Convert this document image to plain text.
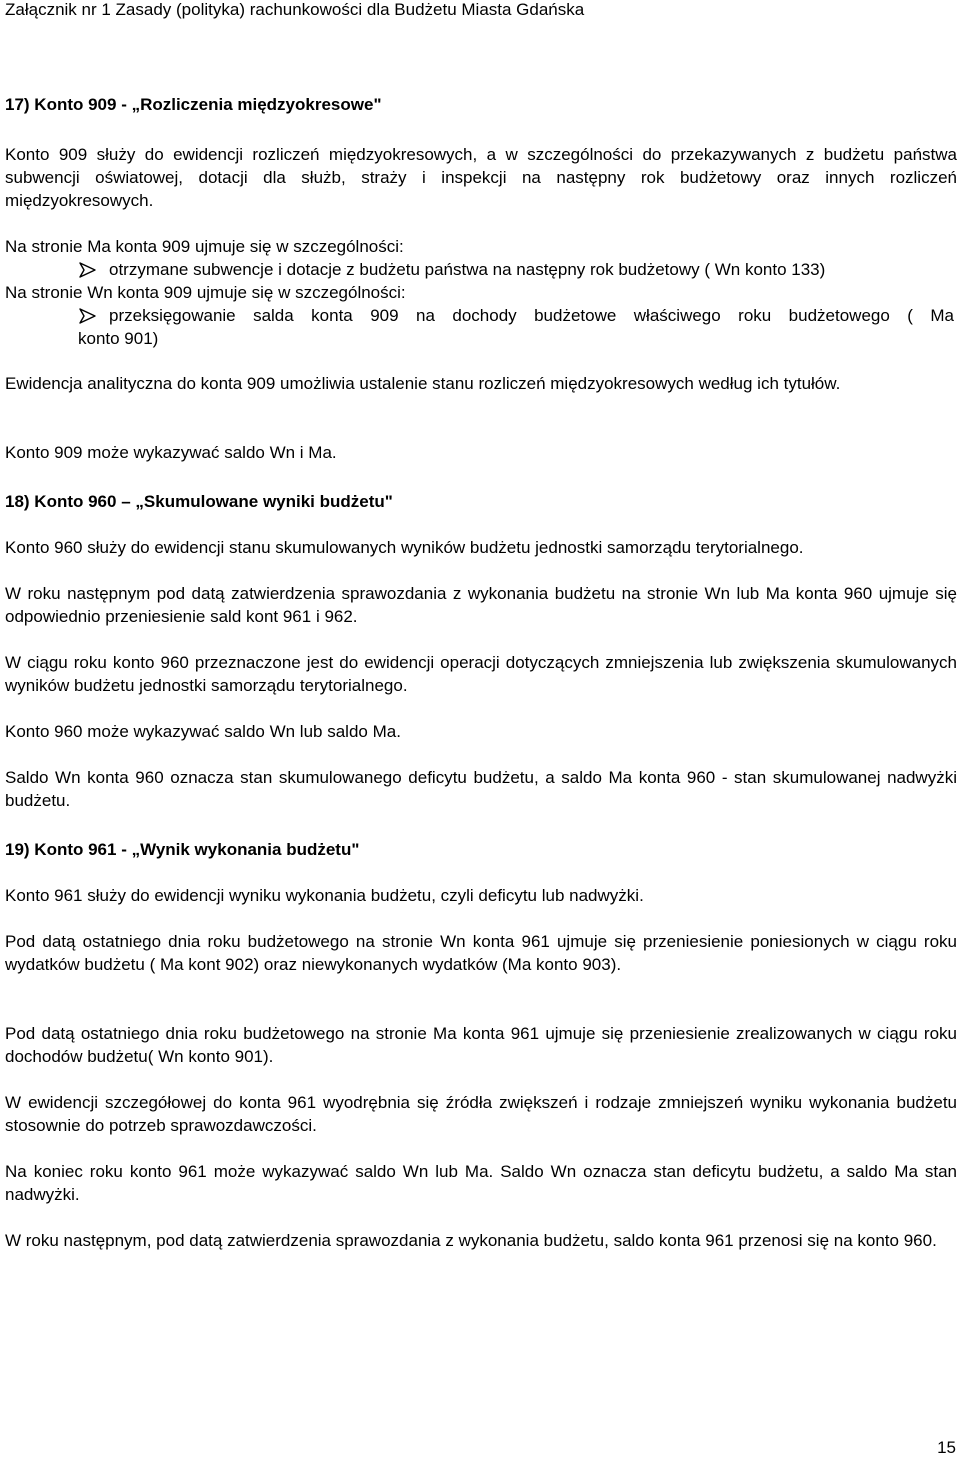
Załącznik nr 1 Zasady (polityka) rachunkowości dla Budżetu Miasta Gdańska
17) Konto 909 - „Rozliczenia międzyokresowe"

Konto 909 służy do ewidencji rozliczeń międzyokresowych, a w szczególności do przekazywanych z budżetu państwa subwencji oświatowej, dotacji dla służb, straży i inspekcji na następny rok budżetowy oraz innych rozliczeń międzyokresowych.

Na stronie Ma konta 909 ujmuje się w szczególności:
otrzymane subwencje i dotacje z budżetu państwa na następny rok budżetowy ( Wn konto 133)
Na stronie Wn konta 909 ujmuje się w szczególności:
przeksięgowanie salda konta 909 na dochody budżetowe właściwego roku budżetowego ( Ma
konto 901)

Ewidencja analityczna do konta 909 umożliwia ustalenie stanu rozliczeń międzyokresowych według ich tytułów.

Konto 909 może wykazywać saldo Wn i Ma.

18) Konto 960 – „Skumulowane wyniki budżetu"

Konto 960 służy do ewidencji stanu skumulowanych wyników budżetu jednostki samorządu terytorialnego.

W roku następnym pod datą zatwierdzenia sprawozdania z wykonania budżetu na stronie Wn lub Ma konta 960 ujmuje się odpowiednio przeniesienie sald kont 961 i 962.

W ciągu roku konto 960 przeznaczone jest do ewidencji operacji dotyczących zmniejszenia lub zwiększenia skumulowanych wyników budżetu jednostki samorządu terytorialnego.

Konto 960 może wykazywać saldo Wn lub saldo Ma.

Saldo Wn konta 960 oznacza stan skumulowanego deficytu budżetu, a saldo Ma konta 960 - stan skumulowanej nadwyżki budżetu.

19) Konto 961 - „Wynik wykonania budżetu"

Konto 961 służy do ewidencji wyniku wykonania budżetu, czyli deficytu lub nadwyżki.

Pod datą ostatniego dnia roku budżetowego na stronie Wn konta 961 ujmuje się przeniesienie poniesionych w ciągu roku wydatków budżetu ( Ma kont 902) oraz niewykonanych wydatków (Ma konto 903).

Pod datą ostatniego dnia roku budżetowego na stronie Ma konta 961 ujmuje się przeniesienie zrealizowanych w ciągu roku dochodów budżetu( Wn konto 901).

W ewidencji szczegółowej do konta 961 wyodrębnia się źródła zwiększeń i rodzaje zmniejszeń wyniku wykonania budżetu stosownie do potrzeb sprawozdawczości.

Na koniec roku konto 961 może wykazywać saldo Wn lub Ma. Saldo Wn oznacza stan deficytu budżetu, a saldo Ma stan nadwyżki.

W roku następnym, pod datą zatwierdzenia sprawozdania z wykonania budżetu, saldo konta 961 przenosi się na konto 960.

15
